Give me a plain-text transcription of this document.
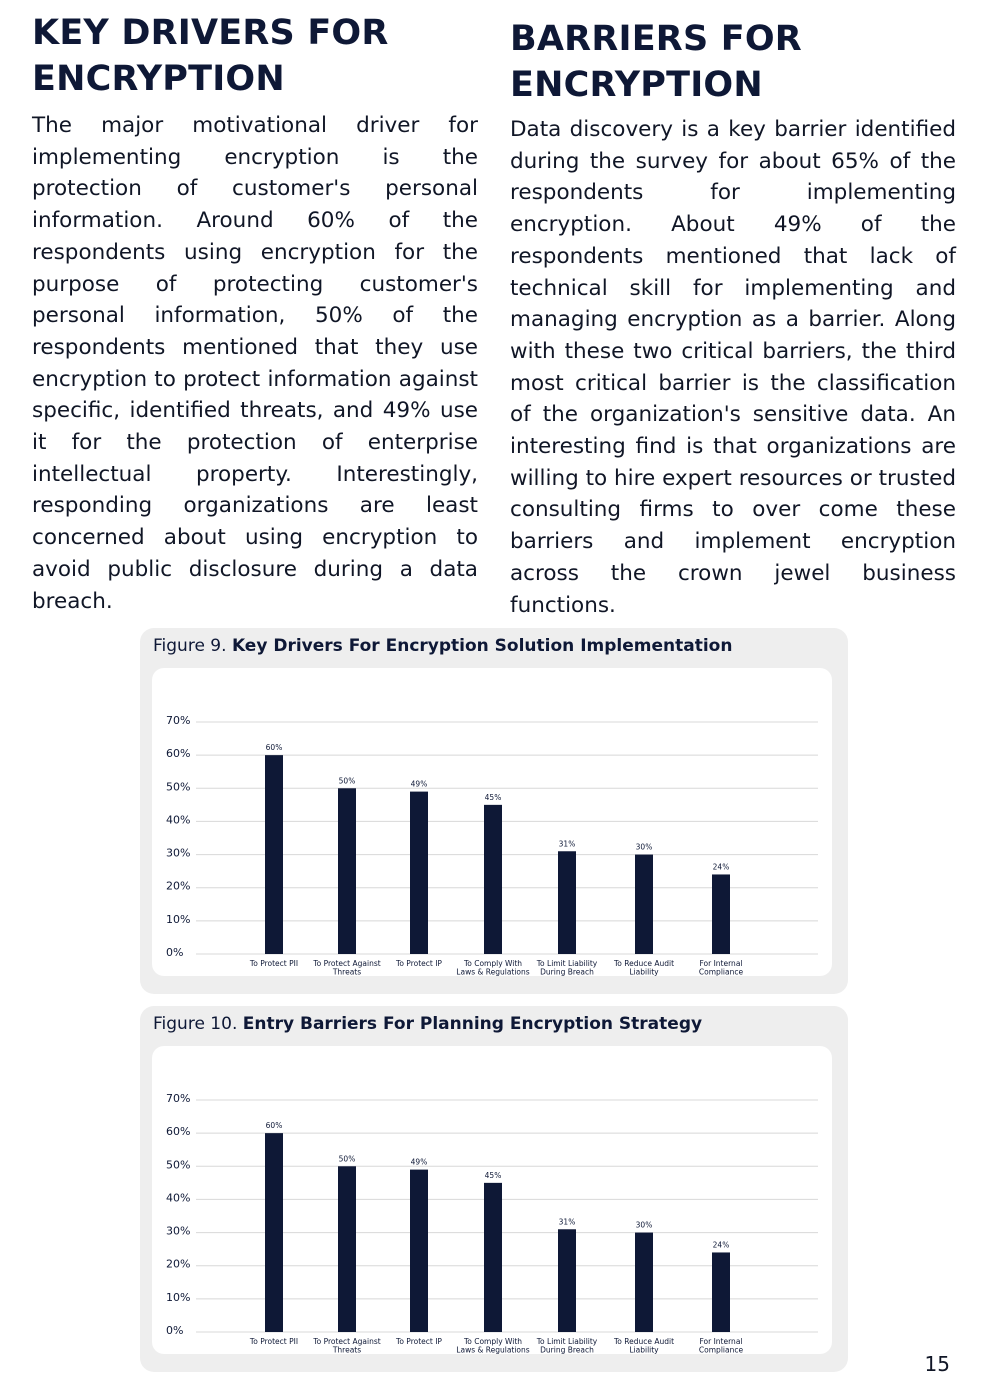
KEY DRIVERS FOR
ENCRYPTION

The major motivational driver for implementing encryption is the protection of customer's personal information. Around 60% of the respondents using encryption for the purpose of protecting customer's personal information, 50% of the respondents mentioned that they use encryption to protect information against specific, identified threats, and 49% use it for the protection of enterprise intellectual property. Interestingly, responding organizations are least concerned about using encryption to avoid public disclosure during a data breach.

BARRIERS FOR
ENCRYPTION

Data discovery is a key barrier identified during the survey for about 65% of the respondents for implementing encryption. About 49% of the respondents mentioned that lack of technical skill for implementing and managing encryption as a barrier. Along with these two critical barriers, the third most critical barrier is the classification of the organization's sensitive data. An interesting find is that organizations are willing to hire expert resources or trusted consulting firms to over come these barriers and implement encryption across the crown jewel business functions.

Figure 9. Key Drivers For Encryption Solution Implementation
0%
10%
20%
30%
40%
50%
60%
70%
60%
To Protect PII
50%
To Protect Against
Threats
49%
To Protect IP
45%
To Comply With
Laws & Regulations
31%
To Limit Liability
During Breach
30%
To Reduce Audit
Liability
24%
For Internal
Compliance
Figure 10. Entry Barriers For Planning Encryption Strategy
0%
10%
20%
30%
40%
50%
60%
70%
60%
To Protect PII
50%
To Protect Against
Threats
49%
To Protect IP
45%
To Comply With
Laws & Regulations
31%
To Limit Liability
During Breach
30%
To Reduce Audit
Liability
24%
For Internal
Compliance
15
